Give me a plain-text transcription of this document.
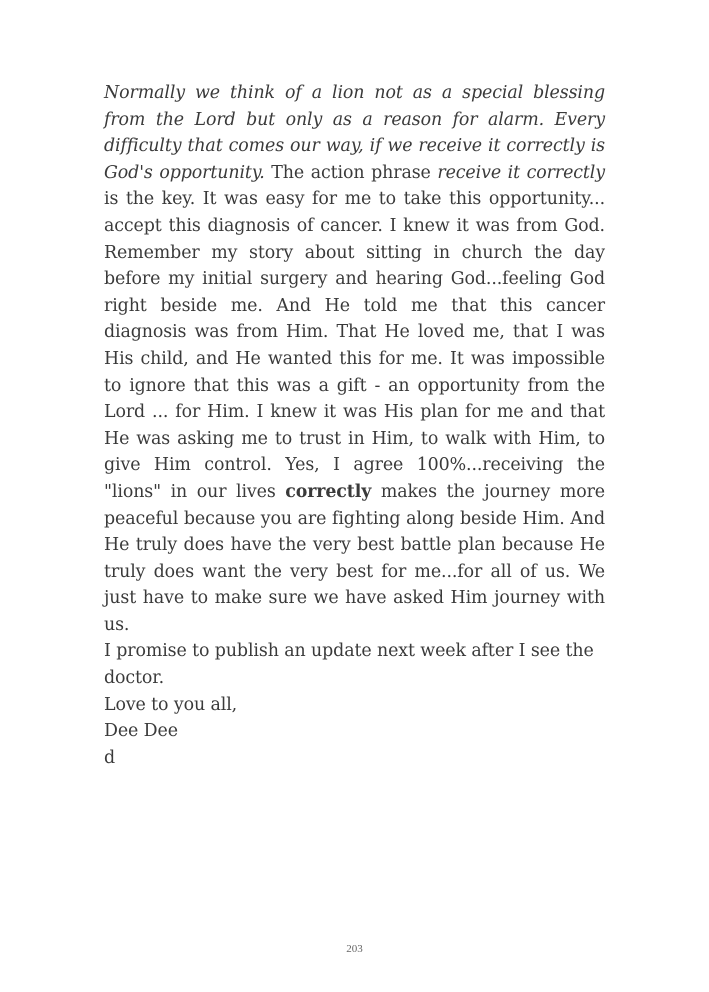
Normally we think of a lion not as a special blessing from the Lord but only as a reason for alarm. Every difficulty that comes our way, if we receive it correctly is God's opportunity. The action phrase receive it correctly is the key. It was easy for me to take this opportunity... accept this diagnosis of cancer. I knew it was from God. Remember my story about sitting in church the day before my initial surgery and hearing God...feeling God right beside me. And He told me that this cancer diagnosis was from Him. That He loved me, that I was His child, and He wanted this for me. It was impossible to ignore that this was a gift - an opportunity from the Lord ... for Him. I knew it was His plan for me and that He was asking me to trust in Him, to walk with Him, to give Him control. Yes, I agree 100%...receiving the "lions" in our lives correctly makes the journey more peaceful because you are fighting along beside Him. And He truly does have the very best battle plan because He truly does want the very best for me...for all of us. We just have to make sure we have asked Him journey with us.

I promise to publish an update next week after I see the doctor.

Love to you all,

Dee Dee

d

203
